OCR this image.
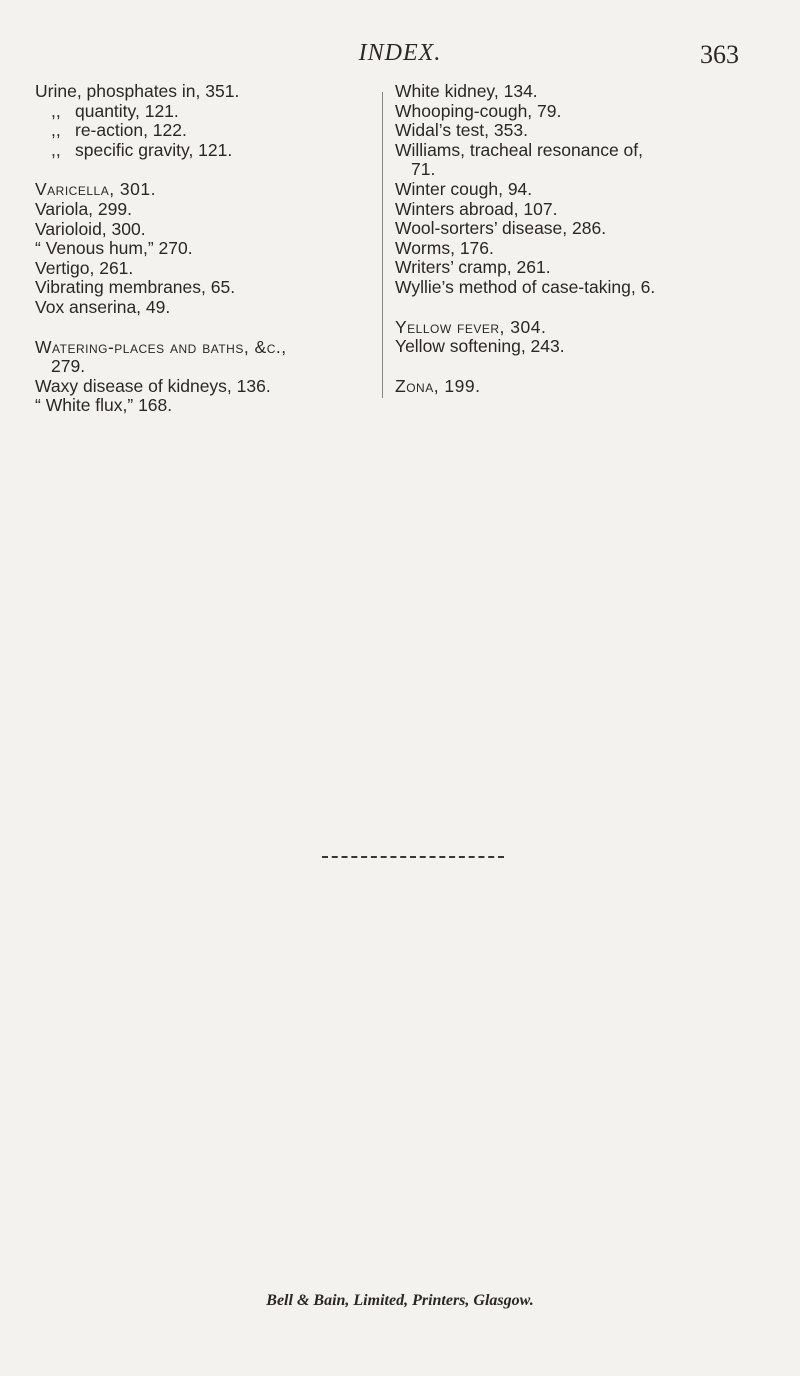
INDEX.	363
Urine, phosphates in, 351.
,, quantity, 121.
,, re-action, 122.
,, specific gravity, 121.
Varicella, 301.
Variola, 299.
Varioloid, 300.
“ Venous hum,” 270.
Vertigo, 261.
Vibrating membranes, 65.
Vox anserina, 49.
Watering-places and baths, &c.,
279.
Waxy disease of kidneys, 136.
“ White flux,” 168.
White kidney, 134.
Whooping-cough, 79.
Widal’s test, 353.
Williams, tracheal resonance of,
71.
Winter cough, 94.
Winters abroad, 107.
Wool-sorters’ disease, 286.
Worms, 176.
Writers’ cramp, 261.
Wyllie’s method of case-taking, 6.
Yellow fever, 304.
Yellow softening, 243.
Zona, 199.
Bell & Bain, Limited, Printers, Glasgow.
